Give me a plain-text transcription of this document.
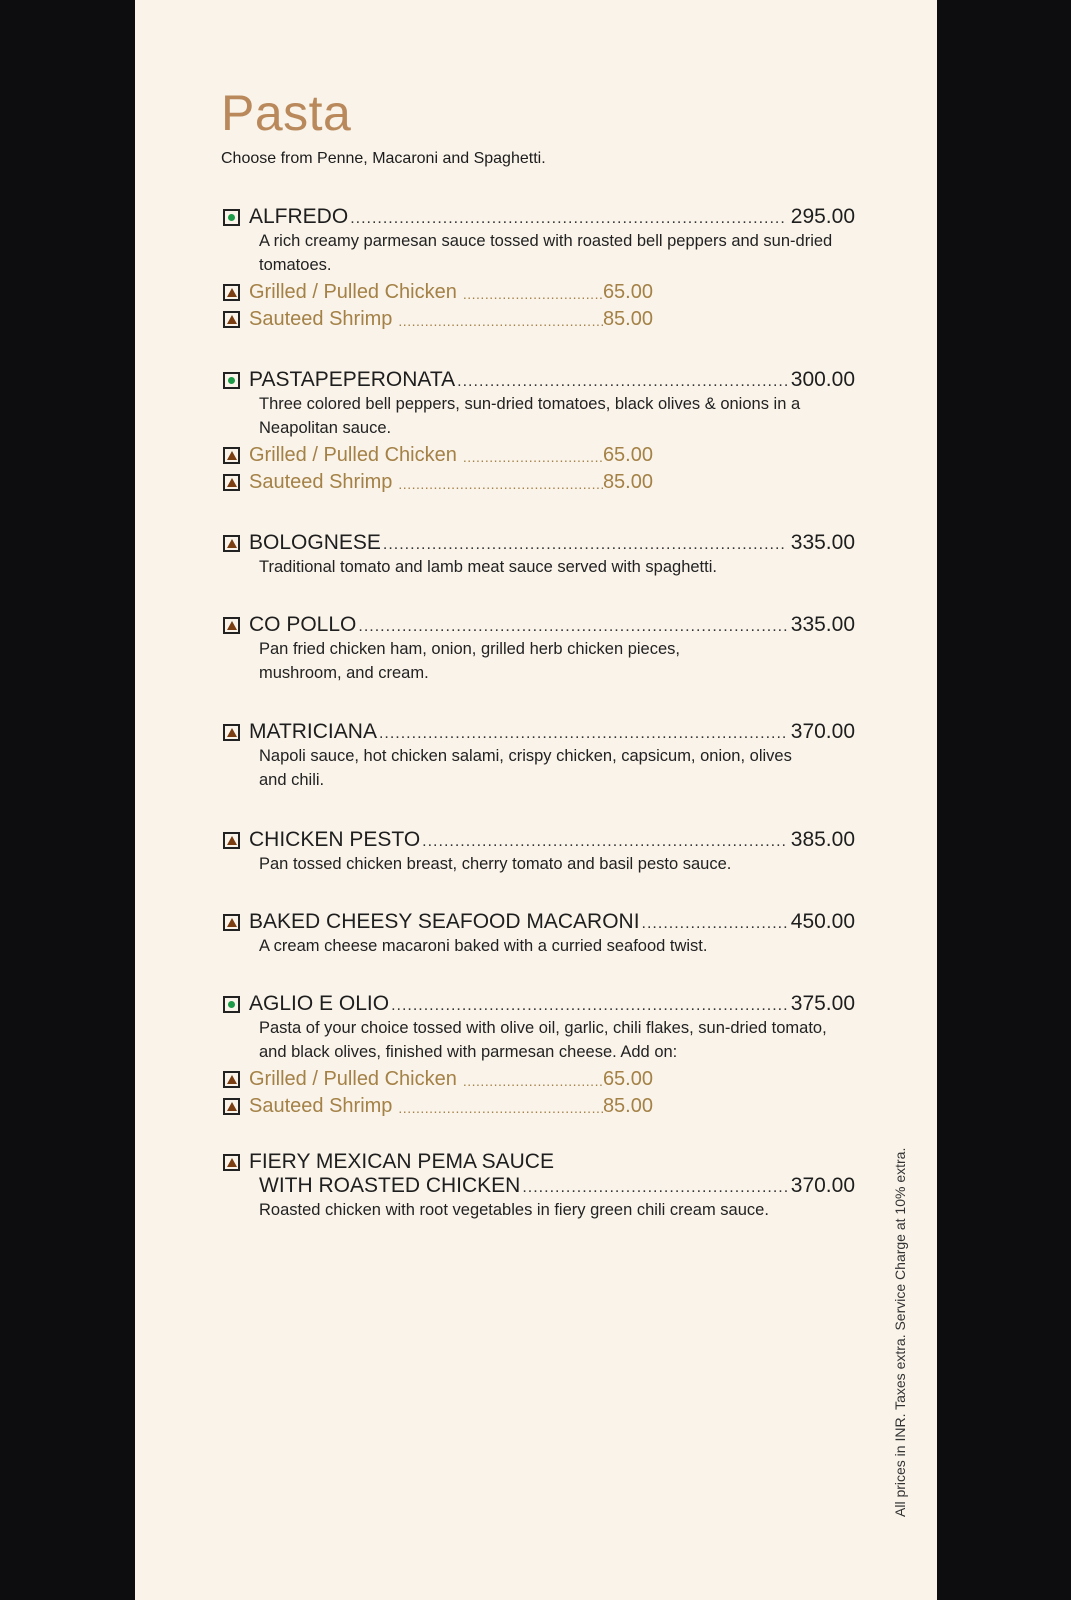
Pasta
Choose from Penne, Macaroni and Spaghetti.
ALFREDO .....	295.00
A rich creamy parmesan sauce tossed with roasted bell peppers and sun-dried tomatoes.
Grilled / Pulled Chicken .....	65.00
Sauteed Shrimp .....	85.00
PASTAPEPERONATA .....	300.00
Three colored bell peppers, sun-dried tomatoes, black olives & onions in a Neapolitan sauce.
Grilled / Pulled Chicken .....	65.00
Sauteed Shrimp .....	85.00
BOLOGNESE .....	335.00
Traditional tomato and lamb meat sauce served with spaghetti.
CO POLLO .....	335.00
Pan fried chicken ham, onion, grilled herb chicken pieces, mushroom, and cream.
MATRICIANA .....	370.00
Napoli sauce, hot chicken salami, crispy chicken, capsicum, onion, olives and chili.
CHICKEN PESTO .....	385.00
Pan tossed chicken breast, cherry tomato and basil pesto sauce.
BAKED CHEESY SEAFOOD MACARONI .....	450.00
A cream cheese macaroni baked with a curried seafood twist.
AGLIO E OLIO .....	375.00
Pasta of your choice tossed with olive oil, garlic, chili flakes, sun-dried tomato, and black olives, finished with parmesan cheese. Add on:
Grilled / Pulled Chicken .....	65.00
Sauteed Shrimp .....	85.00
FIERY MEXICAN PEMA SAUCE
WITH ROASTED CHICKEN .....	370.00
Roasted chicken with root vegetables in fiery green chili cream sauce.	All prices in INR. Taxes extra. Service Charge at 10% extra.
